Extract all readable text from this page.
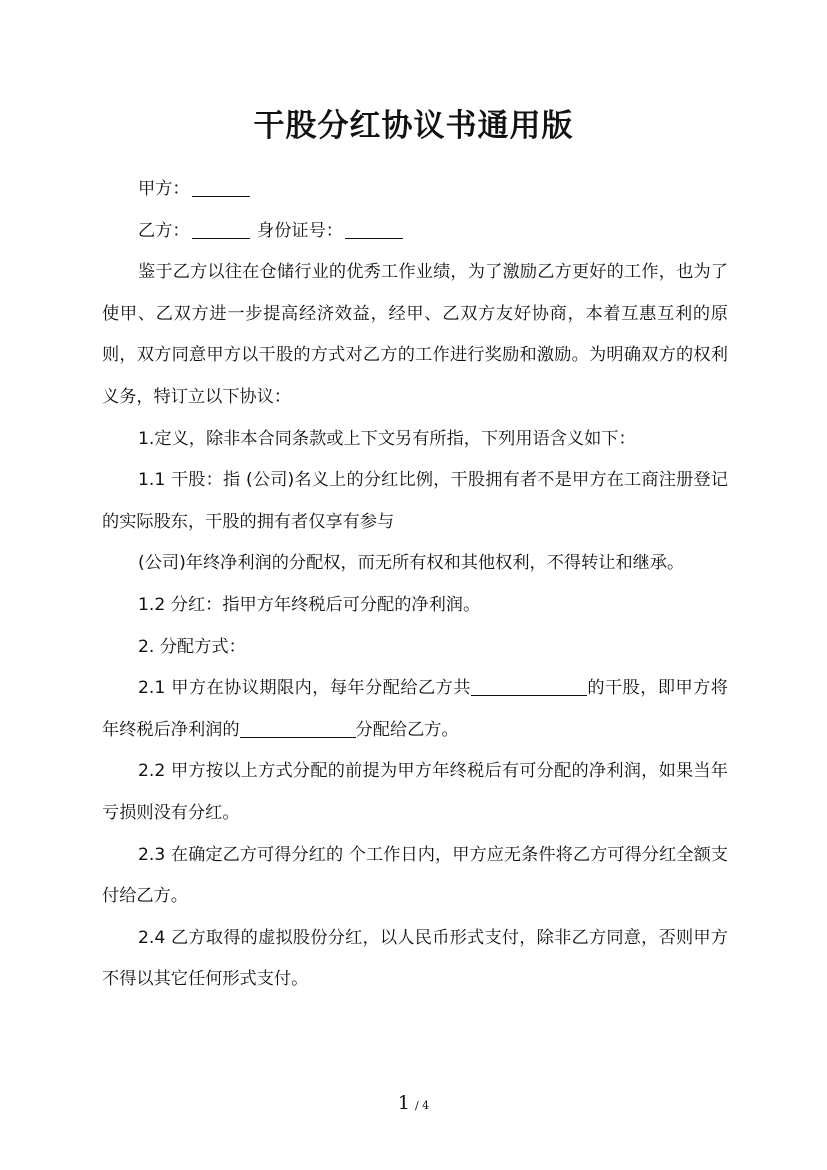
干股分红协议书通用版

甲方：

乙方：	身份证号：

鉴于乙方以往在仓储行业的优秀工作业绩，为了激励乙方更好的工作，也为了使甲、乙双方进一步提高经济效益，经甲、乙双方友好协商，本着互惠互利的原则，双方同意甲方以干股的方式对乙方的工作进行奖励和激励。为明确双方的权利义务，特订立以下协议：

1.定义，除非本合同条款或上下文另有所指，下列用语含义如下：

1.1 干股：指 (公司)名义上的分红比例，干股拥有者不是甲方在工商注册登记的实际股东，干股的拥有者仅享有参与

(公司)年终净利润的分配权，而无所有权和其他权利，不得转让和继承。

1.2 分红：指甲方年终税后可分配的净利润。

2. 分配方式：

2.1 甲方在协议期限内，每年分配给乙方共	的干股，即甲方将年终税后净利润的	分配给乙方。

2.2 甲方按以上方式分配的前提为甲方年终税后有可分配的净利润，如果当年亏损则没有分红。

2.3 在确定乙方可得分红的 个工作日内，甲方应无条件将乙方可得分红全额支付给乙方。

2.4 乙方取得的虚拟股份分红，以人民币形式支付，除非乙方同意，否则甲方不得以其它任何形式支付。

1 / 4
